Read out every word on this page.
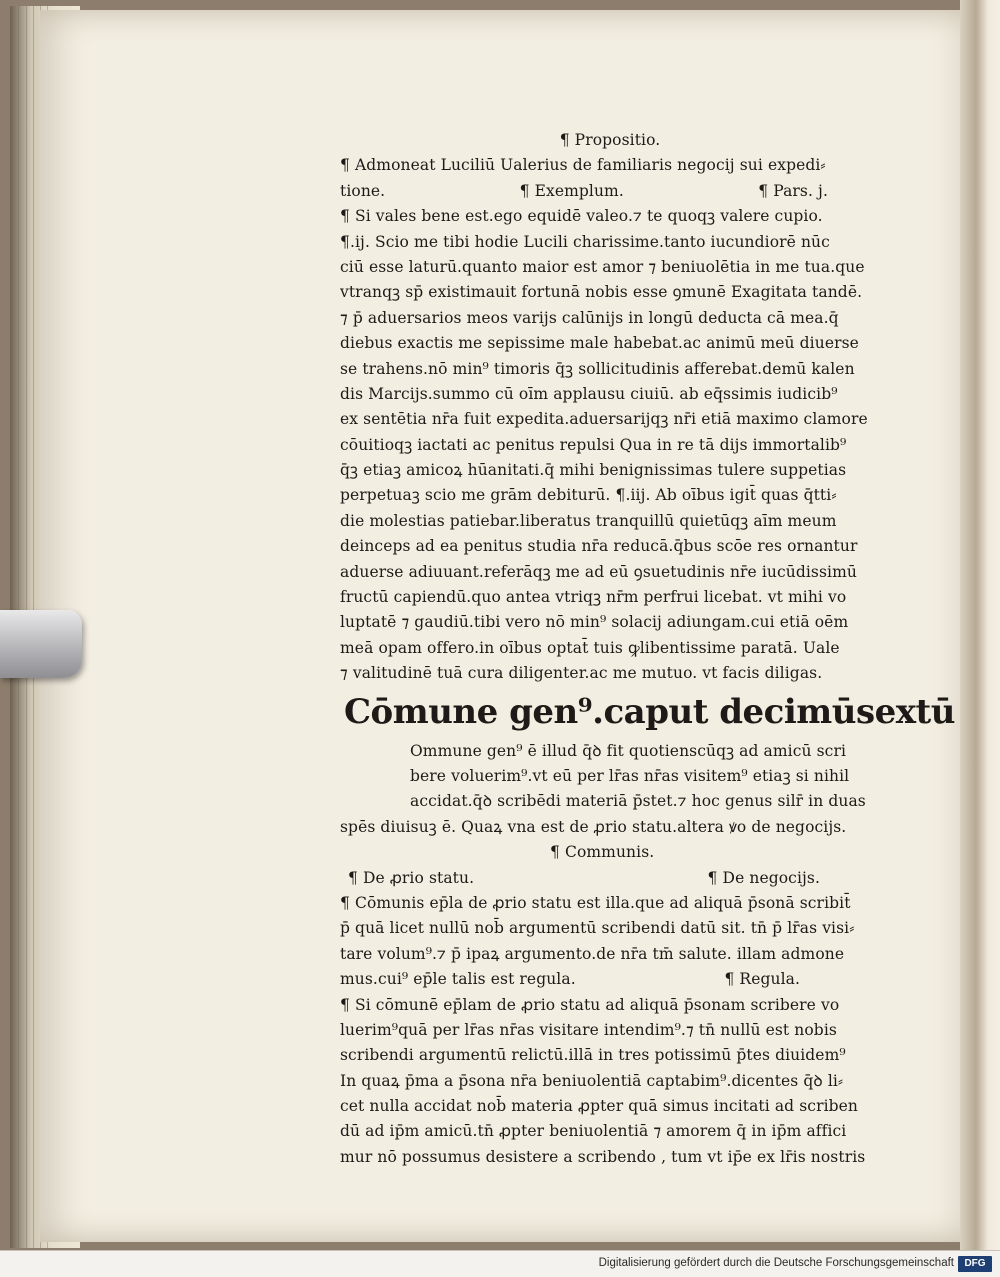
¶ Propositio.
¶ Admoneat Luciliū Ualerius de familiaris negocij sui expedi⸗
tione.	¶ Exemplum.	¶ Pars. j.
¶ Si vales bene est.ego equidē valeo.⁊ te quoqꝫ valere cupio.
¶.ij. Scio me tibi hodie Lucili charissime.tanto iucundiorē nūc
ciū esse laturū.quanto maior est amor ⁊ beniuolētia in me tua.que
vtranqꝫ sp̄ existimauit fortunā nobis esse ꝯmunē Exagitata tandē.
⁊ p̄ aduersarios meos varijs calūnijs in longū deducta cā mea.q̄
diebus exactis me sepissime male habebat.ac animū meū diuerse
se trahens.nō min⁹ timoris q̄ꝫ sollicitudinis afferebat.demū kalen
dis Marcijs.summo cū oīm applausu ciuiū. ab eq̄ssimis iudicib⁹
ex sentētia nr̄a fuit expedita.aduersarijqꝫ nr̄i etiā maximo clamore
cōuitioqꝫ iactati ac penitus repulsi Qua in re tā dijs immortalib⁹
q̄ꝫ etiaꝫ amicoꝝ hūanitati.q̄ mihi benignissimas tulere suppetias
perpetuaꝫ scio me grām debiturū. ¶.iij. Ab oībus igit̄ quas q̄tti⸗
die molestias patiebar.liberatus tranquillū quietūqꝫ aīm meum
deinceps ad ea penitus studia nr̄a reducā.q̄bus scōe res ornantur
aduerse adiuuant.referāqꝫ me ad eū ꝯsuetudinis nr̄e iucūdissimū
fructū capiendū.quo antea vtriqꝫ nr̄m perfrui licebat. vt mihi vo
luptatē ⁊ gaudiū.tibi vero nō min⁹ solacij adiungam.cui etiā oēm
meā opam offero.in oībus optat̄ tuis ꝙlibentissime paratā. Uale
⁊ valitudinē tuā cura diligenter.ac me mutuo. vt facis diligas.
Cōmune gen⁹.caput decimūsextū
Ommune gen⁹ ē illud q̄ꝺ fit quotienscūqꝫ ad amicū scri
bere voluerim⁹.vt eū per lr̄as nr̄as visitem⁹ etiaꝫ si nihil
accidat.q̄ꝺ scribēdi materiā p̄stet.⁊ hoc genus silr̄ in duas
spēs diuisuꝫ ē. Quaꝝ vna est de ꝓrio statu.altera ꝟo de negocijs.
¶ Communis.
¶ De ꝓrio statu.	¶ De negocijs.
¶ Cōmunis ep̄la de ꝓrio statu est illa.que ad aliquā p̄sonā scribit̄
p̄ quā licet nullū nob̄ argumentū scribendi datū sit. tn̄ p̄ lr̄as visi⸗
tare volum⁹.⁊ p̄ ipaꝝ argumento.de nr̄a tm̄ salute. illam admone
mus.cui⁹ ep̄le talis est regula.	¶ Regula.
¶ Si cōmunē ep̄lam de ꝓrio statu ad aliquā p̄sonam scribere vo
luerim⁹quā per lr̄as nr̄as visitare intendim⁹.⁊ tn̄ nullū est nobis
scribendi argumentū relictū.illā in tres potissimū p̄tes diuidem⁹
In quaꝝ p̄ma a p̄sona nr̄a beniuolentiā captabim⁹.dicentes q̄ꝺ li⸗
cet nulla accidat nob̄ materia ꝓpter quā simus incitati ad scriben
dū ad ip̄m amicū.tn̄ ꝓpter beniuolentiā ⁊ amorem q̄ in ip̄m affici
mur nō possumus desistere a scribendo , tum vt ip̄e ex lr̄is nostris
Digitalisierung gefördert durch die Deutsche Forschungsgemeinschaft	DFG
